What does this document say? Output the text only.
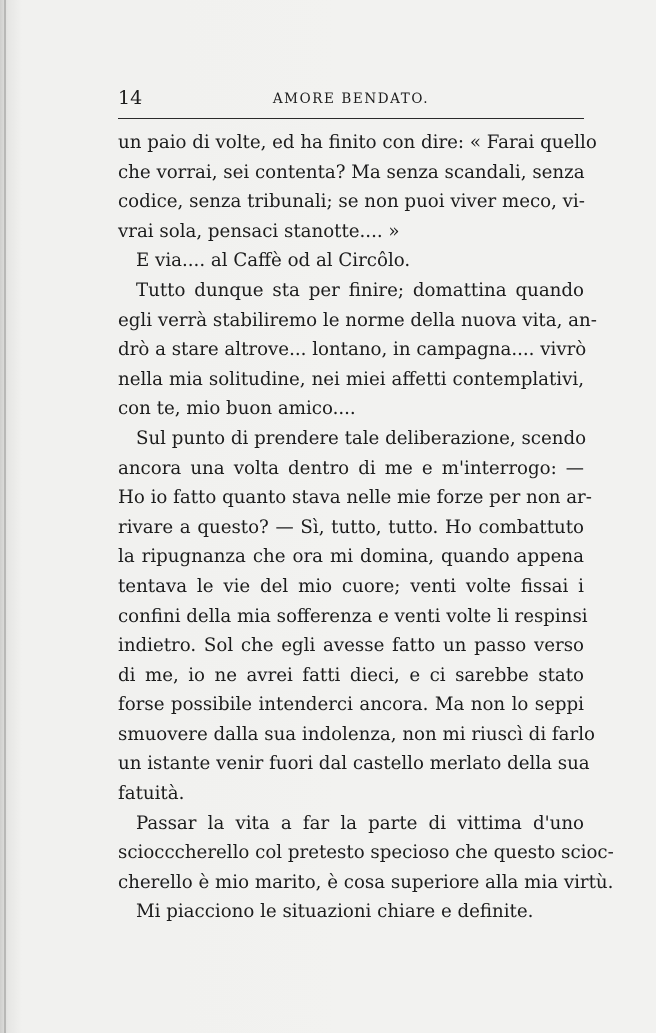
14	AMORE BENDATO.
un paio di volte, ed ha finito con dire: « Farai quello
che vorrai, sei contenta? Ma senza scandali, senza
codice, senza tribunali; se non puoi viver meco, vi-
vrai sola, pensaci stanotte.... »
E via.... al Caffè od al Circôlo.
Tutto dunque sta per finire; domattina quando
egli verrà stabiliremo le norme della nuova vita, an-
drò a stare altrove... lontano, in campagna.... vivrò
nella mia solitudine, nei miei affetti contemplativi,
con te, mio buon amico....
Sul punto di prendere tale deliberazione, scendo
ancora una volta dentro di me e m'interrogo: —
Ho io fatto quanto stava nelle mie forze per non ar-
rivare a questo? — Sì, tutto, tutto. Ho combattuto
la ripugnanza che ora mi domina, quando appena
tentava le vie del mio cuore; venti volte fissai i
confini della mia sofferenza e venti volte li respinsi
indietro. Sol che egli avesse fatto un passo verso
di me, io ne avrei fatti dieci, e ci sarebbe stato
forse possibile intenderci ancora. Ma non lo seppi
smuovere dalla sua indolenza, non mi riuscì di farlo
un istante venir fuori dal castello merlato della sua
fatuità.
Passar la vita a far la parte di vittima d'uno
sciocccherello col pretesto specioso che questo scioc-
cherello è mio marito, è cosa superiore alla mia virtù.
Mi piacciono le situazioni chiare e definite.
